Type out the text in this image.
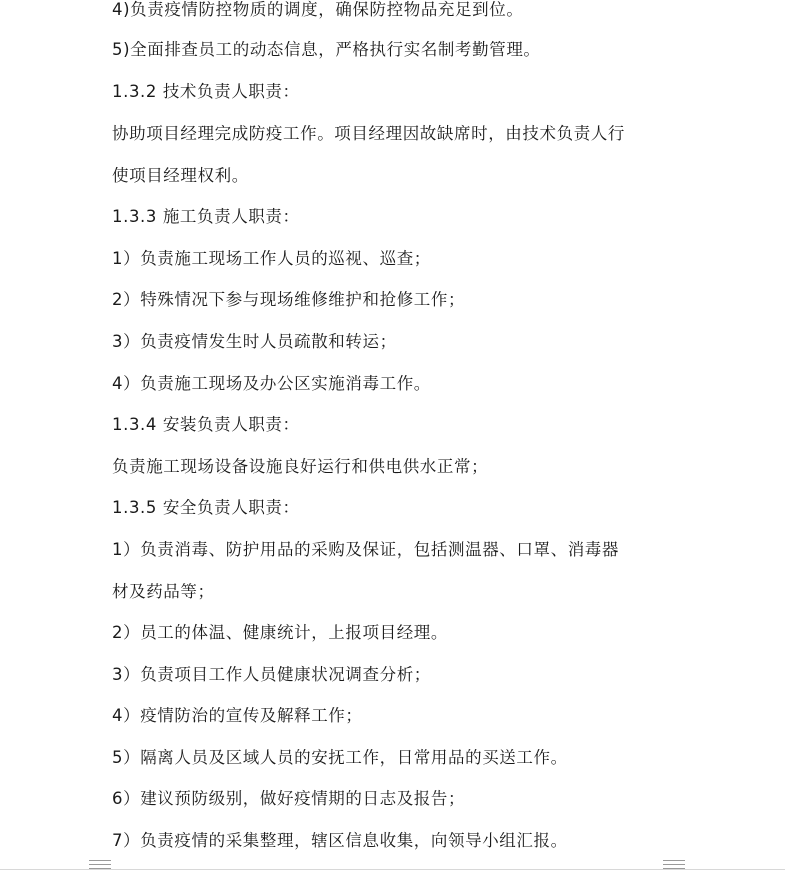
4)负责疫情防控物质的调度，确保防控物品充足到位。

5)全面排查员工的动态信息，严格执行实名制考勤管理。

1.3.2 技术负责人职责：

协助项目经理完成防疫工作。项目经理因故缺席时，由技术负责人行

使项目经理权利。

1.3.3 施工负责人职责：

1）负责施工现场工作人员的巡视、巡查；

2）特殊情况下参与现场维修维护和抢修工作；

3）负责疫情发生时人员疏散和转运；

4）负责施工现场及办公区实施消毒工作。

1.3.4 安装负责人职责：

负责施工现场设备设施良好运行和供电供水正常；

1.3.5 安全负责人职责：

1）负责消毒、防护用品的采购及保证，包括测温器、口罩、消毒器

材及药品等；

2）员工的体温、健康统计，上报项目经理。

3）负责项目工作人员健康状况调查分析；

4）疫情防治的宣传及解释工作；

5）隔离人员及区域人员的安抚工作，日常用品的买送工作。

6）建议预防级别，做好疫情期的日志及报告；

7）负责疫情的采集整理，辖区信息收集，向领导小组汇报。
